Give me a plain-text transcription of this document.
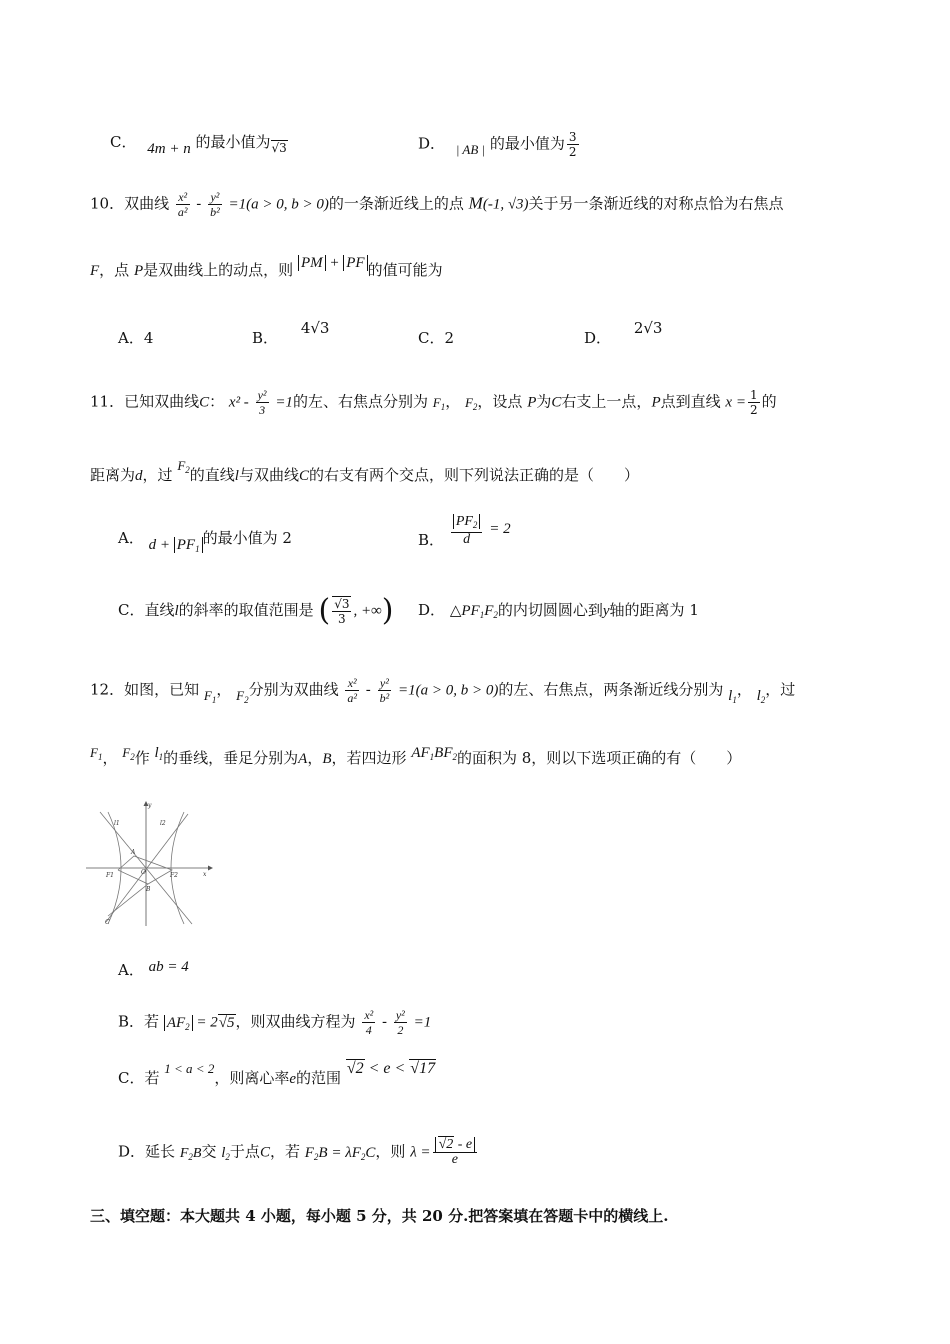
C． 4m + n 的最小值为$_{√3}$	D． | AB | 的最小值为 $\frac{3}{2}$
10．双曲线 $\frac{\text{x²}}{\text{a²}} - \frac{\text{y²}}{\text{b²}} =1(a > 0$, b > 0)的一条渐近线上的点 M(-1, √3)关于另一条渐近线的对称点恰为右焦点
F，点 P是双曲线上的动点，则 PM + PF 的值可能为
A．4	B． 4√3
C．2	D． 2√3
11．已知双曲线C： $x^2 - \frac{\text{y²}}{3} =1$的左、右焦点分别为 $F_1$， $F_2$，设点 P为C右支上一点，P点到直线 $x = \frac{1}{2}$ 的
距离为d，过 $F_2$的直线l与双曲线C的右支有两个交点，则下列说法正确的是（　　）
A． $d + PF_1$的最小值为 2	B． $\frac{PF_2}{d} = 2$
C．直线l的斜率的取值范围是 ( $\frac{√3}{3}$ , +∞) D． $\triangle PF_1F_2$的内切圆圆心到y轴的距离为 1
12．如图，已知 $F_1$， $F_2$分别为双曲线 $\frac{\text{x²}}{\text{a²}} - \frac{\text{y²}}{\text{b²}} =1(a > 0$, b > 0)的左、右焦点，两条渐近线分别为 $l_1$， $l_2$，过
$F_1$， $F_2$作 $l_1$的垂线，垂足分别为A，B，若四边形 $AF_1BF_2$的面积为 8，则以下选项正确的有（　　）
y
x
O
l1	l2
A
B
F1	F2
C
A． ab = 4
B．若 $AF_2 = 2√5$，则双曲线方程为 $\frac{\text{x²}}{4} - \frac{\text{y²}}{2} =1$
C．若 1 < a < 2，则离心率e的范围 √2 < e < √17
D．延长 $F_2B$交 $l_2$于点C，若 $F_2B = \lambda F_2C$，则 $\lambda = \frac{√2 - e}{e}$
三、填空题：本大题共 4 小题，每小题 5 分，共 20 分.把答案填在答题卡中的横线上.
